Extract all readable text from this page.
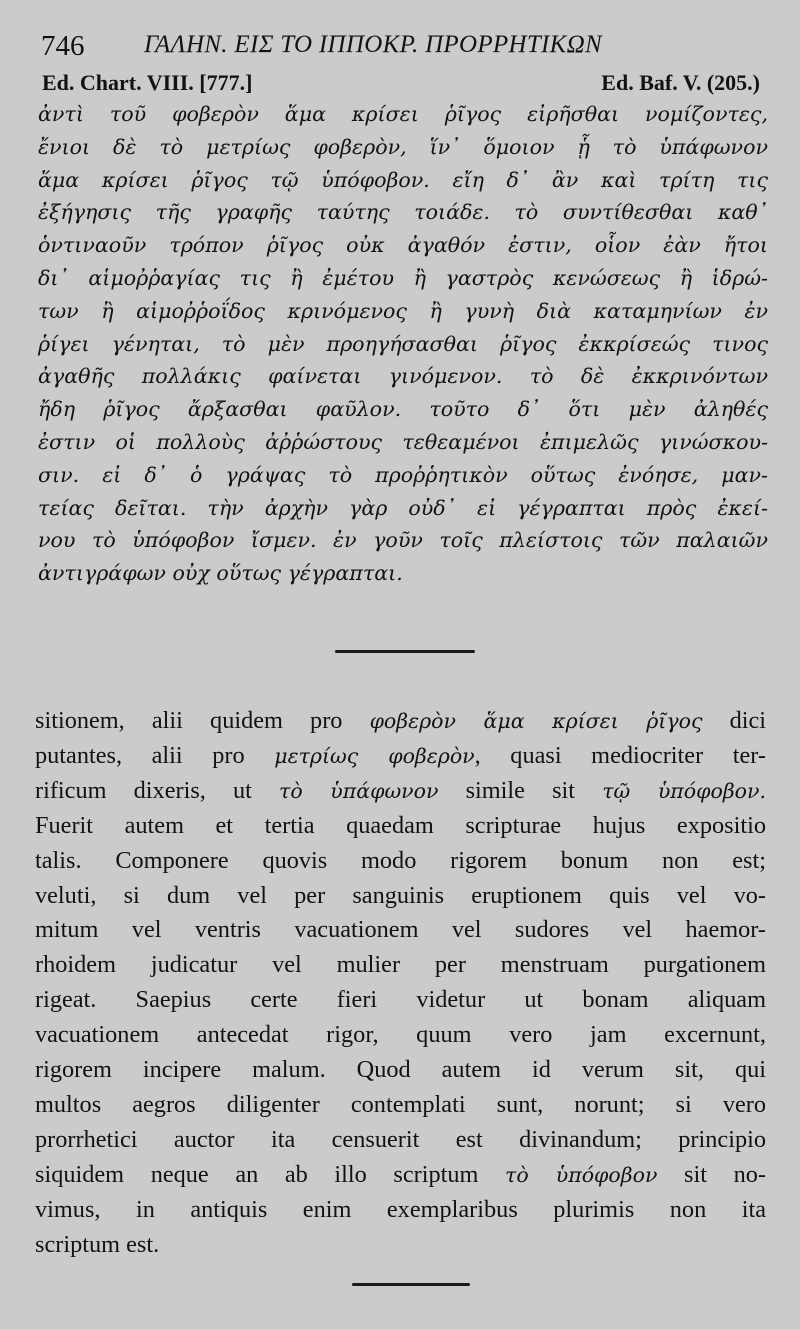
746 ΓΑΛΗΝ. ΕΙΣ ΤΟ ΙΠΠΟΚΡ. ΠΡΟΡΡΗΤΙΚΩΝ
Ed. Chart. VIII. [777.]	Ed. Baf. V. (205.)
ἀντὶ τοῦ φοβερὸν ἅμα κρίσει ῥῖγος εἰρῆσθαι νομίζοντες,
ἔνιοι δὲ τὸ μετρίως φοβερὸν, ἵν᾽ ὅμοιον ᾗ τὸ ὑπάφωνον
ἅμα κρίσει ῥῖγος τῷ ὑπόφοβον. εἴη δ᾽ ἂν καὶ τρίτη τις
ἐξήγησις τῆς γραφῆς ταύτης τοιάδε. τὸ συντίθεσθαι καθ᾽
ὁντιναοῦν τρόπον ῥῖγος οὐκ ἀγαθόν ἐστιν, οἷον ἐὰν ἤτοι
δι᾽ αἱμοῤῥαγίας τις ἢ ἐμέτου ἢ γαστρὸς κενώσεως ἢ ἱδρώ-
των ἢ αἱμοῤῥοΐδος κρινόμενος ἢ γυνὴ διὰ καταμηνίων ἐν
ῥίγει γένηται, τὸ μὲν προηγήσασθαι ῥῖγος ἐκκρίσεώς τινος
ἀγαθῆς πολλάκις φαίνεται γινόμενον. τὸ δὲ ἐκκρινόντων
ἤδη ῥῖγος ἄρξασθαι φαῦλον. τοῦτο δ᾽ ὅτι μὲν ἀληθές
ἐστιν οἱ πολλοὺς ἀῤῥώστους τεθεαμένοι ἐπιμελῶς γινώσκου-
σιν. εἰ δ᾽ ὁ γράψας τὸ προῤῥητικὸν οὕτως ἐνόησε, μαν-
τείας δεῖται. τὴν ἀρχὴν γὰρ οὐδ᾽ εἰ γέγραπται πρὸς ἐκεί-
νου τὸ ὑπόφοβον ἴσμεν. ἐν γοῦν τοῖς πλείστοις τῶν παλαιῶν
ἀντιγράφων οὐχ οὕτως γέγραπται.
sitionem, alii quidem pro φοβερὸν ἅμα κρίσει ῥῖγος dici
putantes, alii pro μετρίως φοβερὸν, quasi mediocriter ter-
rificum dixeris, ut τὸ ὑπάφωνον simile sit τῷ ὑπόφοβον.
Fuerit autem et tertia quaedam scripturae hujus expositio
talis. Componere quovis modo rigorem bonum non est;
veluti, si dum vel per sanguinis eruptionem quis vel vo-
mitum vel ventris vacuationem vel sudores vel haemor-
rhoidem judicatur vel mulier per menstruam purgationem
rigeat. Saepius certe fieri videtur ut bonam aliquam
vacuationem antecedat rigor, quum vero jam excernunt,
rigorem incipere malum. Quod autem id verum sit, qui
multos aegros diligenter contemplati sunt, norunt; si vero
prorrhetici auctor ita censuerit est divinandum; principio
siquidem neque an ab illo scriptum τὸ ὑπόφοβον sit no-
vimus, in antiquis enim exemplaribus plurimis non ita
scriptum est.
